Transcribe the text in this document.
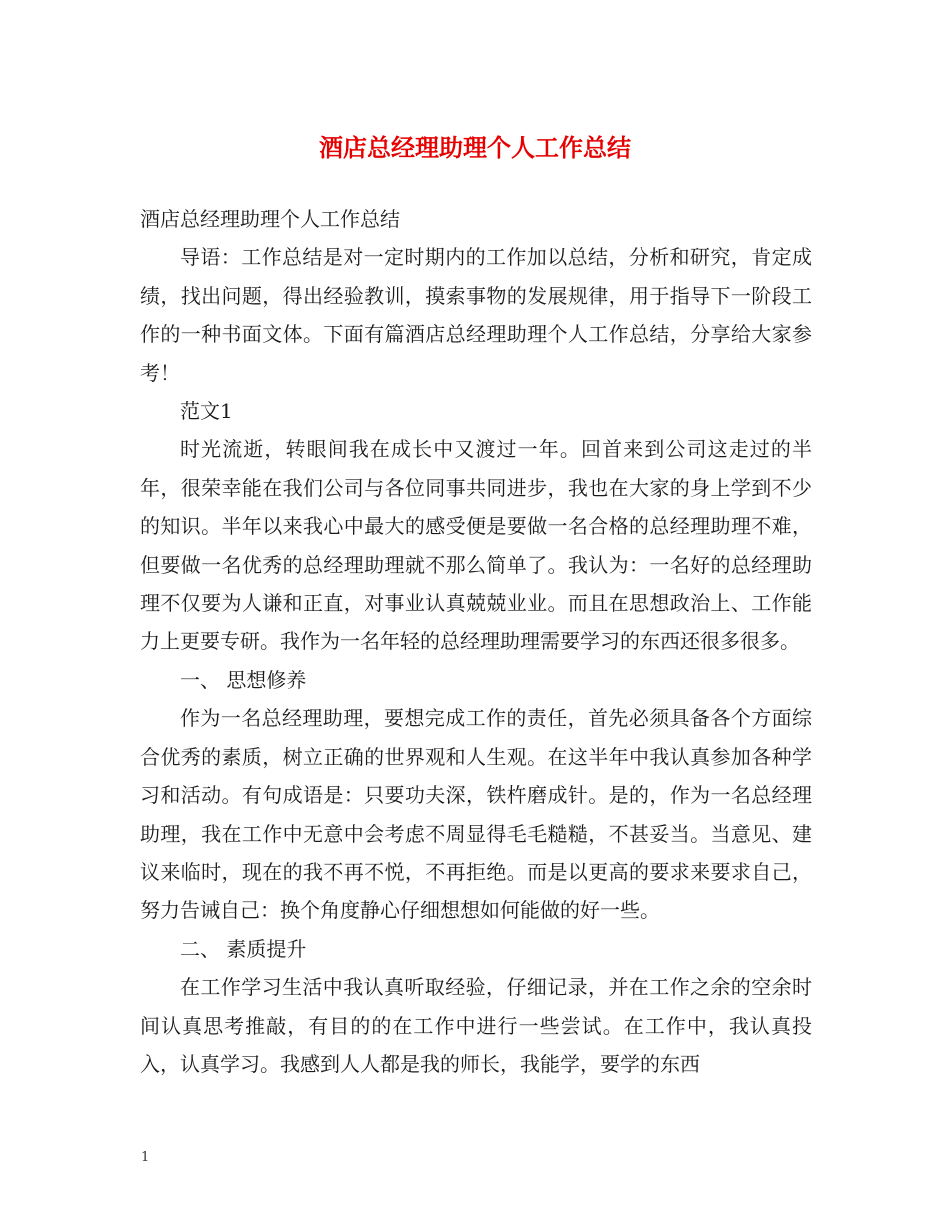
酒店总经理助理个人工作总结

酒店总经理助理个人工作总结

导语：工作总结是对一定时期内的工作加以总结，分析和研究，肯定成绩，找出问题，得出经验教训，摸索事物的发展规律，用于指导下一阶段工作的一种书面文体。下面有篇酒店总经理助理个人工作总结，分享给大家参考！

范文1

时光流逝，转眼间我在成长中又渡过一年。回首来到公司这走过的半年，很荣幸能在我们公司与各位同事共同进步，我也在大家的身上学到不少的知识。半年以来我心中最大的感受便是要做一名合格的总经理助理不难，但要做一名优秀的总经理助理就不那么简单了。我认为：一名好的总经理助理不仅要为人谦和正直，对事业认真兢兢业业。而且在思想政治上、工作能力上更要专研。我作为一名年轻的总经理助理需要学习的东西还很多很多。

一、 思想修养

作为一名总经理助理，要想完成工作的责任，首先必须具备各个方面综合优秀的素质，树立正确的世界观和人生观。在这半年中我认真参加各种学习和活动。有句成语是：只要功夫深，铁杵磨成针。是的，作为一名总经理助理，我在工作中无意中会考虑不周显得毛毛糙糙，不甚妥当。当意见、建议来临时，现在的我不再不悦，不再拒绝。而是以更高的要求来要求自己，努力告诫自己：换个角度静心仔细想想如何能做的好一些。

二、 素质提升

在工作学习生活中我认真听取经验，仔细记录，并在工作之余的空余时间认真思考推敲，有目的的在工作中进行一些尝试。在工作中，我认真投入，认真学习。我感到人人都是我的师长，我能学，要学的东西

1
